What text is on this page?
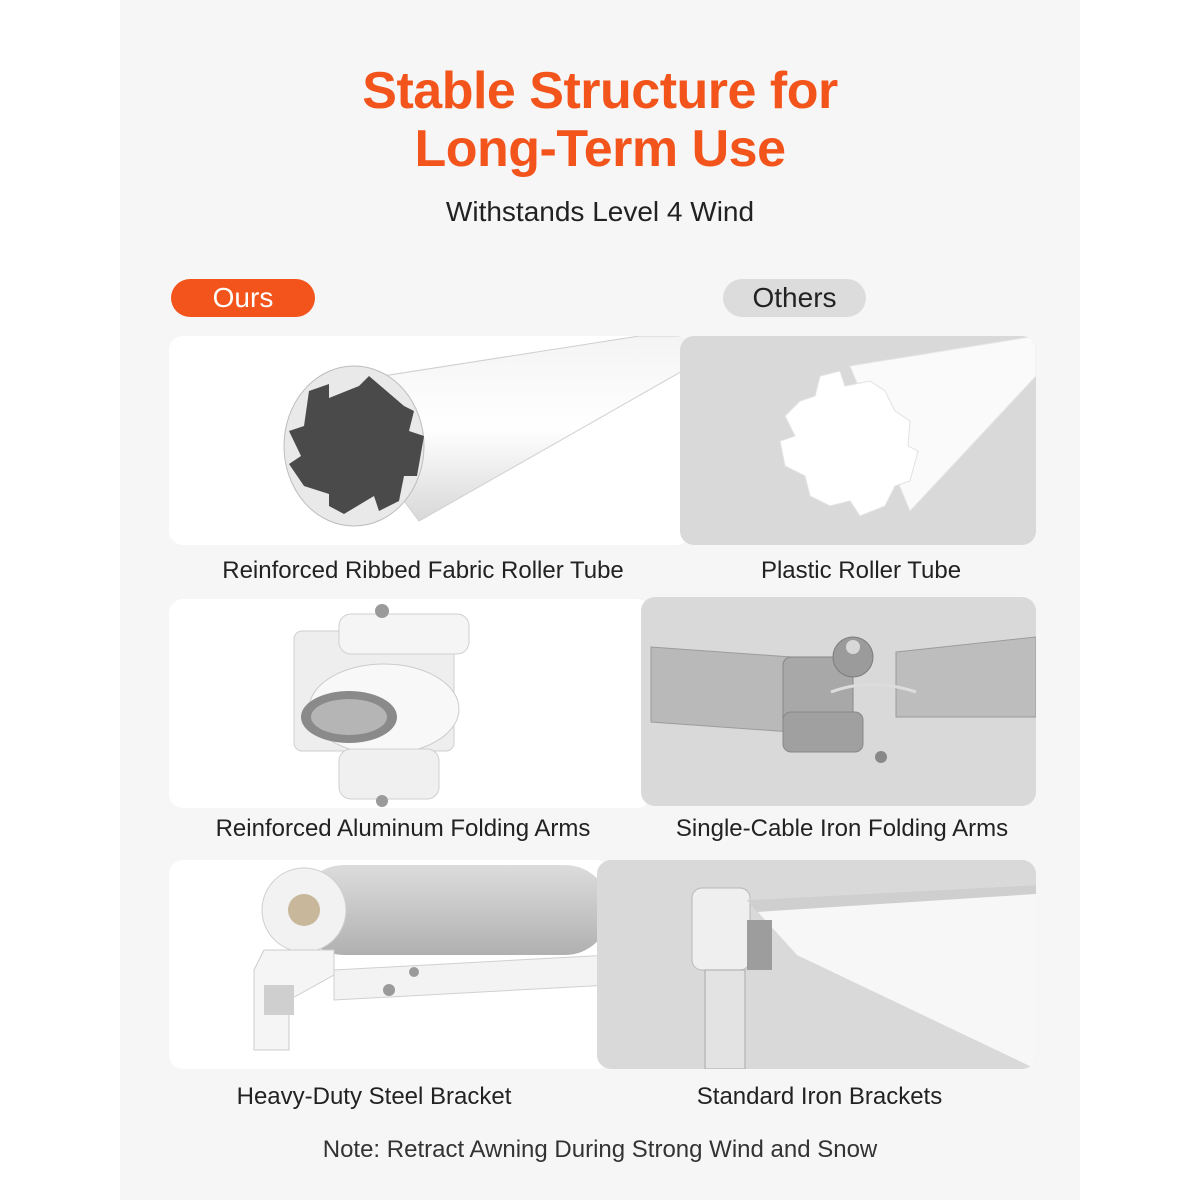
Stable Structure for
Long-Term Use
Withstands Level 4 Wind
Ours	Others
Reinforced Ribbed Fabric Roller Tube	Plastic Roller Tube
Reinforced Aluminum Folding Arms	Single-Cable Iron Folding Arms
Heavy-Duty Steel Bracket	Standard Iron Brackets
Note: Retract Awning During Strong Wind and Snow
